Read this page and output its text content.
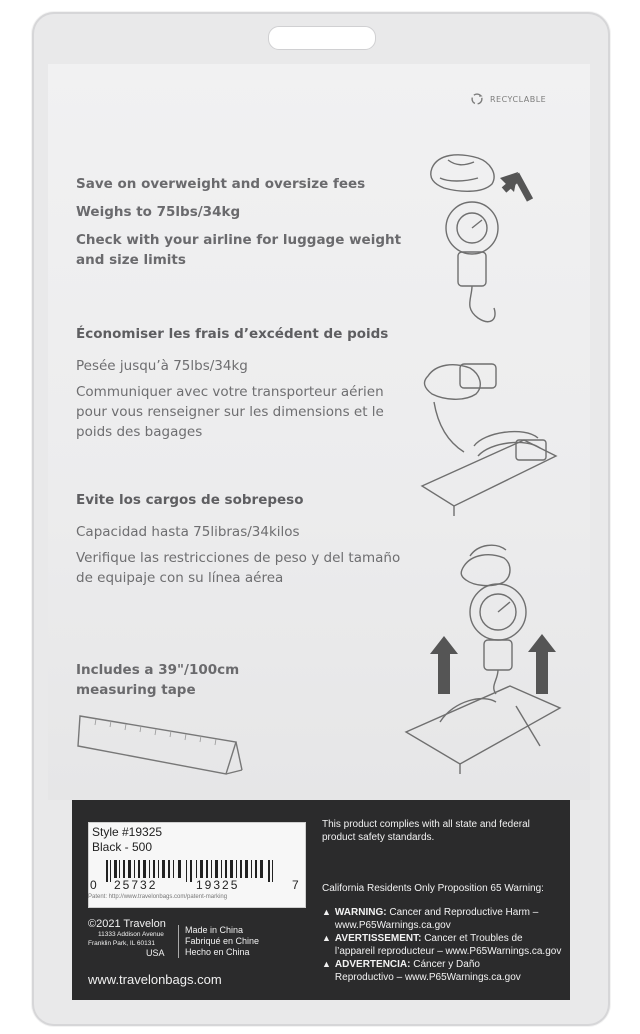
RECYCLABLE

Save on overweight and oversize fees

Weighs to 75lbs/34kg

Check with your airline for luggage weight and size limits

Économiser les frais d’excédent de poids

Pesée jusqu’à 75lbs/34kg

Communiquer avec votre transporteur aérien pour vous renseigner sur les dimensions et le poids des bagages

Evite los cargos de sobrepeso

Capacidad hasta 75libras/34kilos

Verifique las restricciones de peso y del tamaño de equipaje con su línea aérea

Includes a 39"/100cm measuring tape

Style #19325
Black - 500
0 25732	19325	7
Patent: http://www.travelonbags.com/patent-marking
©2021 Travelon
11333 Addison Avenue
Franklin Park, IL 60131
USA
Made in China
Fabriqué en Chine
Hecho en China
www.travelonbags.com
This product complies with all state and federal
product safety standards.
California Residents Only Proposition 65 Warning:
▲ WARNING: Cancer and Reproductive Harm –
www.P65Warnings.ca.gov
▲ AVERTISSEMENT: Cancer et Troubles de
l’appareil reproducteur – www.P65Warnings.ca.gov
▲ ADVERTENCIA: Cáncer y Daño
Reproductivo – www.P65Warnings.ca.gov
